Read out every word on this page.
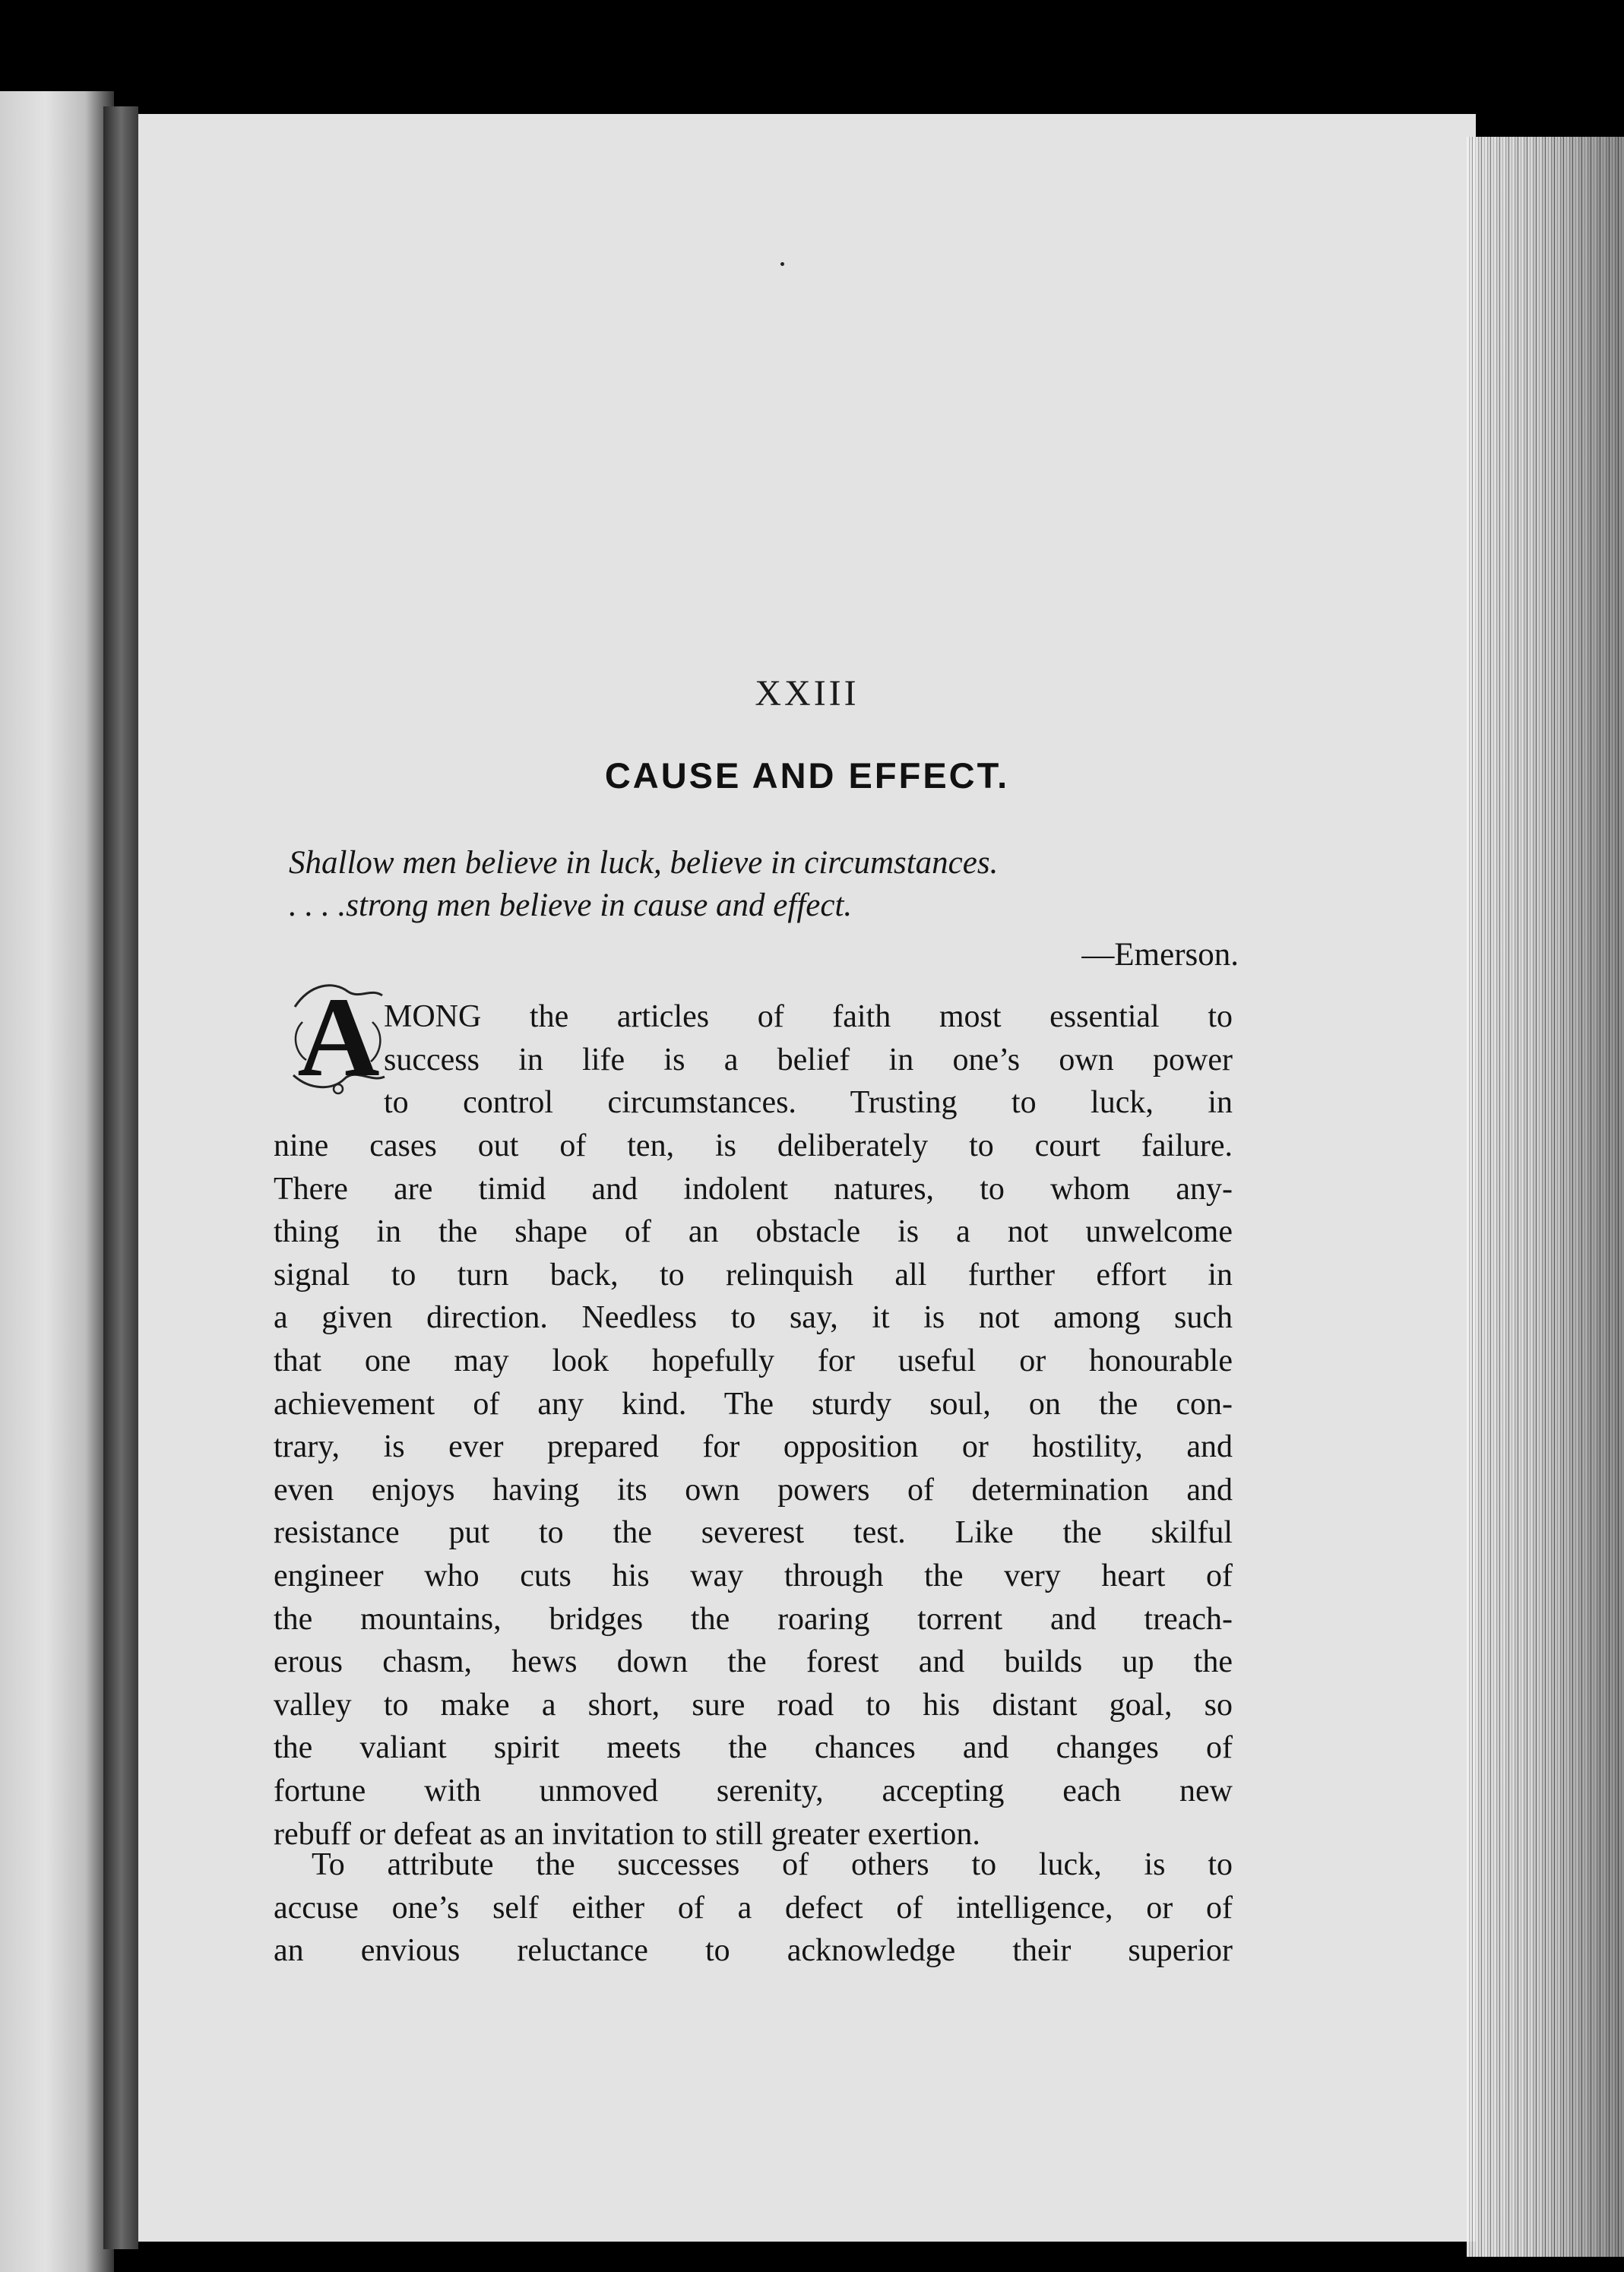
XXIII
CAUSE AND EFFECT.
Shallow men believe in luck, believe in circumstances.
. . . .strong men believe in cause and effect.
—Emerson.
A MONG the articles of faith most essential to
success in life is a belief in one’s own power
to control circumstances. Trusting to luck, in
nine cases out of ten, is deliberately to court failure.
There are timid and indolent natures, to whom any-
thing in the shape of an obstacle is a not unwelcome
signal to turn back, to relinquish all further effort in
a given direction. Needless to say, it is not among such
that one may look hopefully for useful or honourable
achievement of any kind. The sturdy soul, on the con-
trary, is ever prepared for opposition or hostility, and
even enjoys having its own powers of determination and
resistance put to the severest test. Like the skilful
engineer who cuts his way through the very heart of
the mountains, bridges the roaring torrent and treach-
erous chasm, hews down the forest and builds up the
valley to make a short, sure road to his distant goal, so
the valiant spirit meets the chances and changes of
fortune with unmoved serenity, accepting each new
rebuff or defeat as an invitation to still greater exertion.
To attribute the successes of others to luck, is to
accuse one’s self either of a defect of intelligence, or of
an envious reluctance to acknowledge their superior
